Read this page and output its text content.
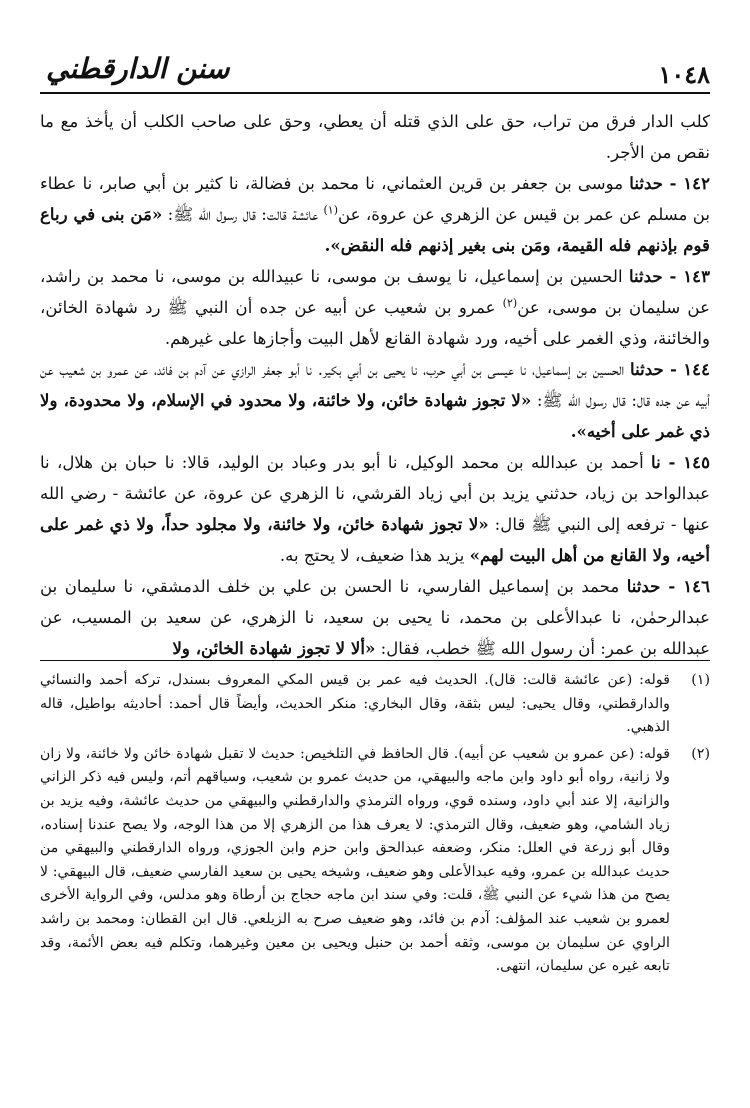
١٠٤٨
سنن الدارقطني

كلب الدار فرق من تراب، حق على الذي قتله أن يعطي، وحق على صاحب الكلب أن يأخذ مع ما نقص من الأجر.

١٤٢ - حدثنا موسى بن جعفر بن قرين العثماني، نا محمد بن فضالة، نا كثير بن أبي صابر، نا عطاء بن مسلم عن عمر بن قيس عن الزهري عن عروة، عن$^{(١)}$ عائشة قالت: قال رسول الله ﷺ: «مَن بنى في رباع قوم بإذنهم فله القيمة، ومَن بنى بغير إذنهم فله النقض».

١٤٣ - حدثنا الحسين بن إسماعيل، نا يوسف بن موسى، نا عبيدالله بن موسى، نا محمد بن راشد، عن سليمان بن موسى، عن$^{(٢)}$ عمرو بن شعيب عن أبيه عن جده أن النبي ﷺ رد شهادة الخائن، والخائنة، وذي الغمر على أخيه، ورد شهادة القانع لأهل البيت وأجازها على غيرهم.

١٤٤ - حدثنا الحسين بن إسماعيل، نا عيسى بن أبي حرب، نا يحيى بن أبي بكير. نا أبو جعفر الرازي عن آدم بن فائد، عن عمرو بن شعيب عن أبيه عن جده قال: قال رسول الله ﷺ: «لا تجوز شهادة خائن، ولا خائنة، ولا محدود في الإسلام، ولا محدودة، ولا ذي غمر على أخيه».

١٤٥ - نا أحمد بن عبدالله بن محمد الوكيل، نا أبو بدر وعباد بن الوليد، قالا: نا حبان بن هلال، نا عبدالواحد بن زياد، حدثني يزيد بن أبي زياد القرشي، نا الزهري عن عروة، عن عائشة - رضي الله عنها - ترفعه إلى النبي ﷺ قال: «لا تجوز شهادة خائن، ولا خائنة، ولا مجلود حداً، ولا ذي غمر على أخيه، ولا القانع من أهل البيت لهم» يزيد هذا ضعيف، لا يحتج به.

١٤٦ - حدثنا محمد بن إسماعيل الفارسي، نا الحسن بن علي بن خلف الدمشقي، نا سليمان بن عبدالرحمٰن، نا عبدالأعلى بن محمد، نا يحيى بن سعيد، نا الزهري، عن سعيد بن المسيب، عن عبدالله بن عمر: أن رسول الله ﷺ خطب، فقال: «ألا لا تجوز شهادة الخائن، ولا

(١)
قوله: (عن عائشة قالت: قال). الحديث فيه عمر بن قيس المكي المعروف بسندل، تركه أحمد والنسائي والدارقطني، وقال يحيى: ليس بثقة، وقال البخاري: منكر الحديث، وأيضاً قال أحمد: أحاديثه بواطيل، قاله الذهبي.
(٢)
قوله: (عن عمرو بن شعيب عن أبيه). قال الحافظ في التلخيص: حديث لا تقبل شهادة خائن ولا خائنة، ولا زان ولا زانية، رواه أبو داود وابن ماجه والبيهقي، من حديث عمرو بن شعيب، وسياقهم أتم، وليس فيه ذكر الزاني والزانية، إلا عند أبي داود، وسنده قوي، ورواه الترمذي والدارقطني والبيهقي من حديث عائشة، وفيه يزيد بن زياد الشامي، وهو ضعيف، وقال الترمذي: لا يعرف هذا من الزهري إلا من هذا الوجه، ولا يصح عندنا إسناده، وقال أبو زرعة في العلل: منكر، وضعفه عبدالحق وابن حزم وابن الجوزي، ورواه الدارقطني والبيهقي من حديث عبدالله بن عمرو، وفيه عبدالأعلى وهو ضعيف، وشيخه يحيى بن سعيد الفارسي ضعيف، قال البيهقي: لا يصح من هذا شيء عن النبي ﷺ، قلت: وفي سند ابن ماجه حجاج بن أرطاة وهو مدلس، وفي الرواية الأخرى لعمرو بن شعيب عند المؤلف: آدم بن فائد، وهو ضعيف صرح به الزيلعي. قال ابن القطان: ومحمد بن راشد الراوي عن سليمان بن موسى، وثقه أحمد بن حنبل ويحيى بن معين وغيرهما، وتكلم فيه بعض الأئمة، وقد تابعه غيره عن سليمان، انتهى.
